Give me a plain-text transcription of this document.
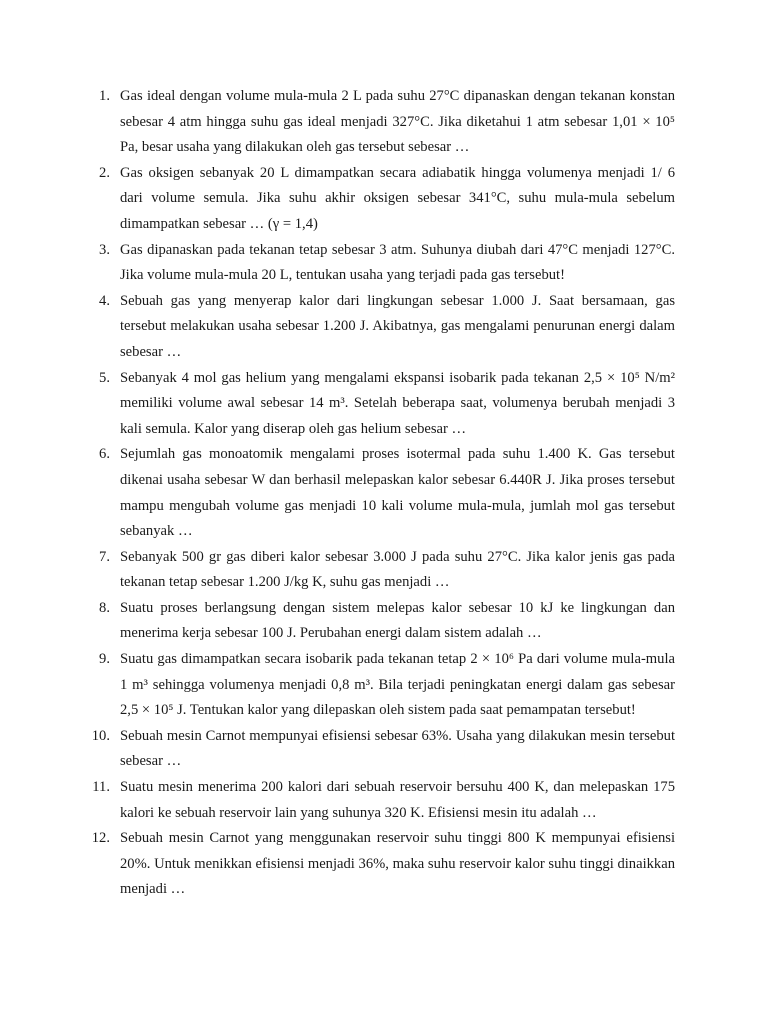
1. Gas ideal dengan volume mula-mula 2 L pada suhu 27°C dipanaskan dengan tekanan konstan sebesar 4 atm hingga suhu gas ideal menjadi 327°C. Jika diketahui 1 atm sebesar 1,01 × 10⁵ Pa, besar usaha yang dilakukan oleh gas tersebut sebesar …

2. Gas oksigen sebanyak 20 L dimampatkan secara adiabatik hingga volumenya menjadi 1/ 6 dari volume semula. Jika suhu akhir oksigen sebesar 341°C, suhu mula-mula sebelum dimampatkan sebesar … (γ = 1,4)

3. Gas dipanaskan pada tekanan tetap sebesar 3 atm. Suhunya diubah dari 47°C menjadi 127°C. Jika volume mula-mula 20 L, tentukan usaha yang terjadi pada gas tersebut!

4. Sebuah gas yang menyerap kalor dari lingkungan sebesar 1.000 J. Saat bersamaan, gas tersebut melakukan usaha sebesar 1.200 J. Akibatnya, gas mengalami penurunan energi dalam sebesar …

5. Sebanyak 4 mol gas helium yang mengalami ekspansi isobarik pada tekanan 2,5 × 10⁵ N/m² memiliki volume awal sebesar 14 m³. Setelah beberapa saat, volumenya berubah menjadi 3 kali semula. Kalor yang diserap oleh gas helium sebesar …

6. Sejumlah gas monoatomik mengalami proses isotermal pada suhu 1.400 K. Gas tersebut dikenai usaha sebesar W dan berhasil melepaskan kalor sebesar 6.440R J. Jika proses tersebut mampu mengubah volume gas menjadi 10 kali volume mula-mula, jumlah mol gas tersebut sebanyak …

7. Sebanyak 500 gr gas diberi kalor sebesar 3.000 J pada suhu 27°C. Jika kalor jenis gas pada tekanan tetap sebesar 1.200 J/kg K, suhu gas menjadi …

8. Suatu proses berlangsung dengan sistem melepas kalor sebesar 10 kJ ke lingkungan dan menerima kerja sebesar 100 J. Perubahan energi dalam sistem adalah …

9. Suatu gas dimampatkan secara isobarik pada tekanan tetap 2 × 10⁶ Pa dari volume mula-mula 1 m³ sehingga volumenya menjadi 0,8 m³. Bila terjadi peningkatan energi dalam gas sebesar 2,5 × 10⁵ J. Tentukan kalor yang dilepaskan oleh sistem pada saat pemampatan tersebut!

10. Sebuah mesin Carnot mempunyai efisiensi sebesar 63%. Usaha yang dilakukan mesin tersebut sebesar …

11. Suatu mesin menerima 200 kalori dari sebuah reservoir bersuhu 400 K, dan melepaskan 175 kalori ke sebuah reservoir lain yang suhunya 320 K. Efisiensi mesin itu adalah …

12. Sebuah mesin Carnot yang menggunakan reservoir suhu tinggi 800 K mempunyai efisiensi 20%. Untuk menikkan efisiensi menjadi 36%, maka suhu reservoir kalor suhu tinggi dinaikkan menjadi …
